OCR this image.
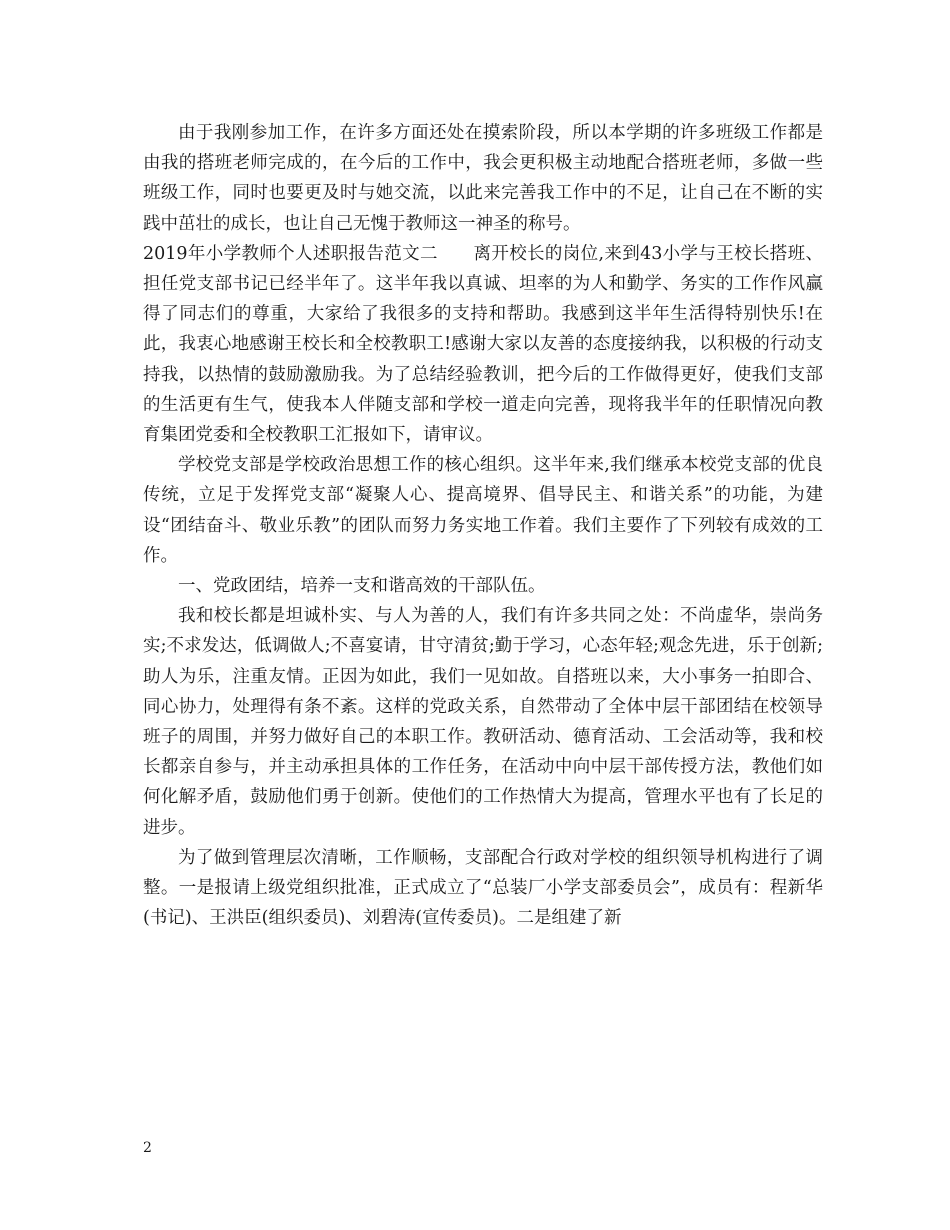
由于我刚参加工作，在许多方面还处在摸索阶段，所以本学期的许多班级工作都是由我的搭班老师完成的，在今后的工作中，我会更积极主动地配合搭班老师，多做一些班级工作，同时也要更及时与她交流，以此来完善我工作中的不足，让自己在不断的实践中茁壮的成长，也让自己无愧于教师这一神圣的称号。

2019年小学教师个人述职报告范文二　　离开校长的岗位,来到43小学与王校长搭班、担任党支部书记已经半年了。这半年我以真诚、坦率的为人和勤学、务实的工作作风赢得了同志们的尊重，大家给了我很多的支持和帮助。我感到这半年生活得特别快乐!在此，我衷心地感谢王校长和全校教职工!感谢大家以友善的态度接纳我，以积极的行动支持我，以热情的鼓励激励我。为了总结经验教训，把今后的工作做得更好，使我们支部的生活更有生气，使我本人伴随支部和学校一道走向完善，现将我半年的任职情况向教育集团党委和全校教职工汇报如下，请审议。

学校党支部是学校政治思想工作的核心组织。这半年来,我们继承本校党支部的优良传统，立足于发挥党支部“凝聚人心、提高境界、倡导民主、和谐关系”的功能，为建设“团结奋斗、敬业乐教”的团队而努力务实地工作着。我们主要作了下列较有成效的工作。

一、党政团结，培养一支和谐高效的干部队伍。

我和校长都是坦诚朴实、与人为善的人，我们有许多共同之处：不尚虚华，崇尚务实;不求发达，低调做人;不喜宴请，甘守清贫;勤于学习，心态年轻;观念先进，乐于创新;助人为乐，注重友情。正因为如此，我们一见如故。自搭班以来，大小事务一拍即合、同心协力，处理得有条不紊。这样的党政关系，自然带动了全体中层干部团结在校领导班子的周围，并努力做好自己的本职工作。教研活动、德育活动、工会活动等，我和校长都亲自参与，并主动承担具体的工作任务，在活动中向中层干部传授方法，教他们如何化解矛盾，鼓励他们勇于创新。使他们的工作热情大为提高，管理水平也有了长足的进步。

为了做到管理层次清晰，工作顺畅，支部配合行政对学校的组织领导机构进行了调整。一是报请上级党组织批准，正式成立了“总装厂小学支部委员会”，成员有：程新华(书记)、王洪臣(组织委员)、刘碧涛(宣传委员)。二是组建了新

2
